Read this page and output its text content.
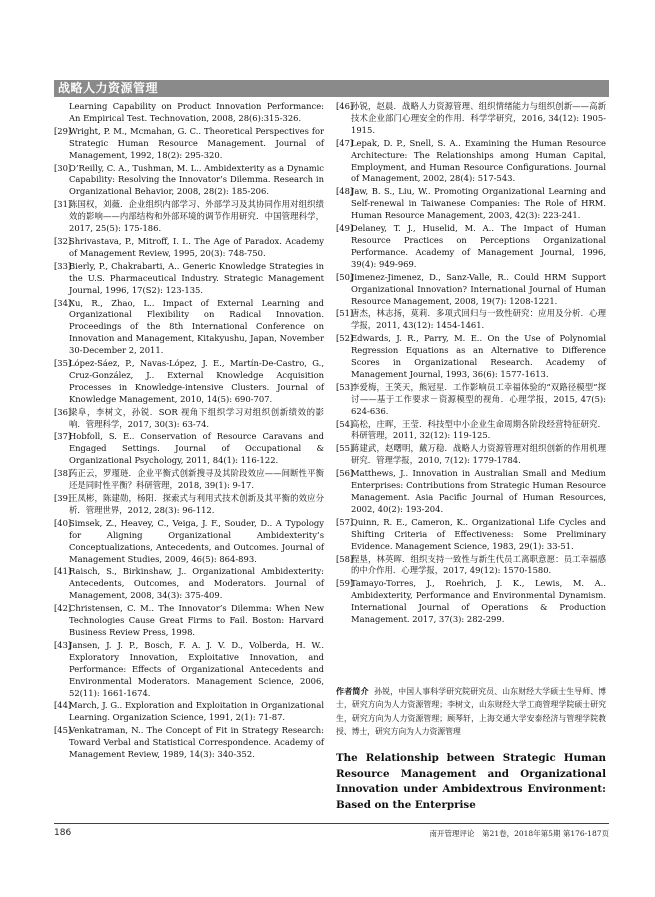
战略人力资源管理
Learning Capability on Product Innovation Performance: An Empirical Test. Technovation, 2008, 28(6):315-326.
[29]
Wright, P. M., Mcmahan, G. C.. Theoretical Perspectives for Strategic Human Resource Management. Journal of Management, 1992, 18(2): 295-320.
[30]
O’Reilly, C. A., Tushman, M. L.. Ambidexterity as a Dynamic Capability: Resolving the Innovator’s Dilemma. Research in Organizational Behavior, 2008, 28(2): 185-206.
[31]
陈国权，刘薇．企业组织内部学习、外部学习及其协同作用对组织绩效的影响——内部结构和外部环境的调节作用研究．中国管理科学，2017, 25(5): 175-186.
[32]
Shrivastava, P., Mitroff, I. I.. The Age of Paradox. Academy of Management Review, 1995, 20(3): 748-750.
[33]
Bierly, P., Chakrabarti, A.. Generic Knowledge Strategies in the U.S. Pharmaceutical Industry. Strategic Management Journal, 1996, 17(S2): 123-135.
[34]
Xu, R., Zhao, L.. Impact of External Learning and Organizational Flexibility on Radical Innovation. Proceedings of the 8th International Conference on Innovation and Management, Kitakyushu, Japan, November 30-December 2, 2011.
[35]
López-Sáez, P., Navas-López, J. E., Martín-De-Castro, G., Cruz-González, J.. External Knowledge Acquisition Processes in Knowledge-intensive Clusters. Journal of Knowledge Management, 2010, 14(5): 690-707.
[36]
梁阜，李树文，孙锐．SOR 视角下组织学习对组织创新绩效的影响．管理科学，2017, 30(3): 63-74.
[37]
Hobfoll, S. E.. Conservation of Resource Caravans and Engaged Settings. Journal of Occupational & Organizational Psychology, 2011, 84(1): 116-122.
[38]
芮正云，罗瑾琏．企业平衡式创新搜寻及其阶段效应——间断性平衡还是同时性平衡？科研管理，2018, 39(1): 9-17.
[39]
王凤彬，陈建勋，杨阳．探索式与利用式技术创新及其平衡的效应分析．管理世界，2012, 28(3): 96-112.
[40]
Simsek, Z., Heavey, C., Veiga, J. F., Souder, D.. A Typology for Aligning Organizational Ambidexterity’s Conceptualizations, Antecedents, and Outcomes. Journal of Management Studies, 2009, 46(5): 864-893.
[41]
Raisch, S., Birkinshaw, J.. Organizational Ambidexterity: Antecedents, Outcomes, and Moderators. Journal of Management, 2008, 34(3): 375-409.
[42]
Christensen, C. M.. The Innovator’s Dilemma: When New Technologies Cause Great Firms to Fail. Boston: Harvard Business Review Press, 1998.
[43]
Jansen, J. J. P., Bosch, F. A. J. V. D., Volberda, H. W.. Exploratory Innovation, Exploitative Innovation, and Performance: Effects of Organizational Antecedents and Environmental Moderators. Management Science, 2006, 52(11): 1661-1674.
[44]
March, J. G.. Exploration and Exploitation in Organizational Learning. Organization Science, 1991, 2(1): 71-87.
[45]
Venkatraman, N.. The Concept of Fit in Strategy Research: Toward Verbal and Statistical Correspondence. Academy of Management Review, 1989, 14(3): 340-352.
[46]
孙锐，赵晨．战略人力资源管理、组织情绪能力与组织创新——高新技术企业部门心理安全的作用．科学学研究，2016, 34(12): 1905-1915.
[47]
Lepak, D. P., Snell, S. A.. Examining the Human Resource Architecture: The Relationships among Human Capital, Employment, and Human Resource Configurations. Journal of Management, 2002, 28(4): 517-543.
[48]
Jaw, B. S., Liu, W.. Promoting Organizational Learning and Self-renewal in Taiwanese Companies: The Role of HRM. Human Resource Management, 2003, 42(3): 223-241.
[49]
Delaney, T. J., Huselid, M. A.. The Impact of Human Resource Practices on Perceptions Organizational Performance. Academy of Management Journal, 1996, 39(4): 949-969.
[50]
Jimenez-Jimenez, D., Sanz-Valle, R.. Could HRM Support Organizational Innovation? International Journal of Human Resource Management, 2008, 19(7): 1208-1221.
[51]
唐杰，林志扬，莫莉．多项式回归与一致性研究：应用及分析．心理学报，2011, 43(12): 1454-1461.
[52]
Edwards, J. R., Parry, M. E.. On the Use of Polynomial Regression Equations as an Alternative to Difference Scores in Organizational Research. Academy of Management Journal, 1993, 36(6): 1577-1613.
[53]
李爱梅，王笑天，熊冠星．工作影响员工幸福体验的“双路径模型”探讨——基于工作要求－资源模型的视角．心理学报，2015, 47(5): 624-636.
[54]
高松，庄晖，王莹．科技型中小企业生命周期各阶段经营特征研究．科研管理，2011, 32(12): 119-125.
[55]
蒋建武，赵曙明，戴万稳．战略人力资源管理对组织创新的作用机理研究．管理学报，2010, 7(12): 1779-1784.
[56]
Matthews, J.. Innovation in Australian Small and Medium Enterprises: Contributions from Strategic Human Resource Management. Asia Pacific Journal of Human Resources, 2002, 40(2): 193-204.
[57]
Quinn, R. E., Cameron, K.. Organizational Life Cycles and Shifting Criteria of Effectiveness: Some Preliminary Evidence. Management Science, 1983, 29(1): 33-51.
[58]
程垦，林英晖．组织支持一致性与新生代员工离职意愿：员工幸福感的中介作用．心理学报，2017, 49(12): 1570-1580.
[59]
Tamayo-Torres, J., Roehrich, J. K., Lewis, M. A.. Ambidexterity, Performance and Environmental Dynamism. International Journal of Operations & Production Management. 2017, 37(3): 282-299.
作者简介 孙锐，中国人事科学研究院研究员、山东财经大学硕士生导师、博士，研究方向为人力资源管理；李树文，山东财经大学工商管理学院硕士研究生，研究方向为人力资源管理；顾琴轩，上海交通大学安泰经济与管理学院教授、博士，研究方向为人力资源管理
The Relationship between Strategic Human Resource Management and Organizational Innovation under Ambidextrous Environment: Based on the Enterprise
186	南开管理评论　第21卷，2018年第5期 第176-187页
